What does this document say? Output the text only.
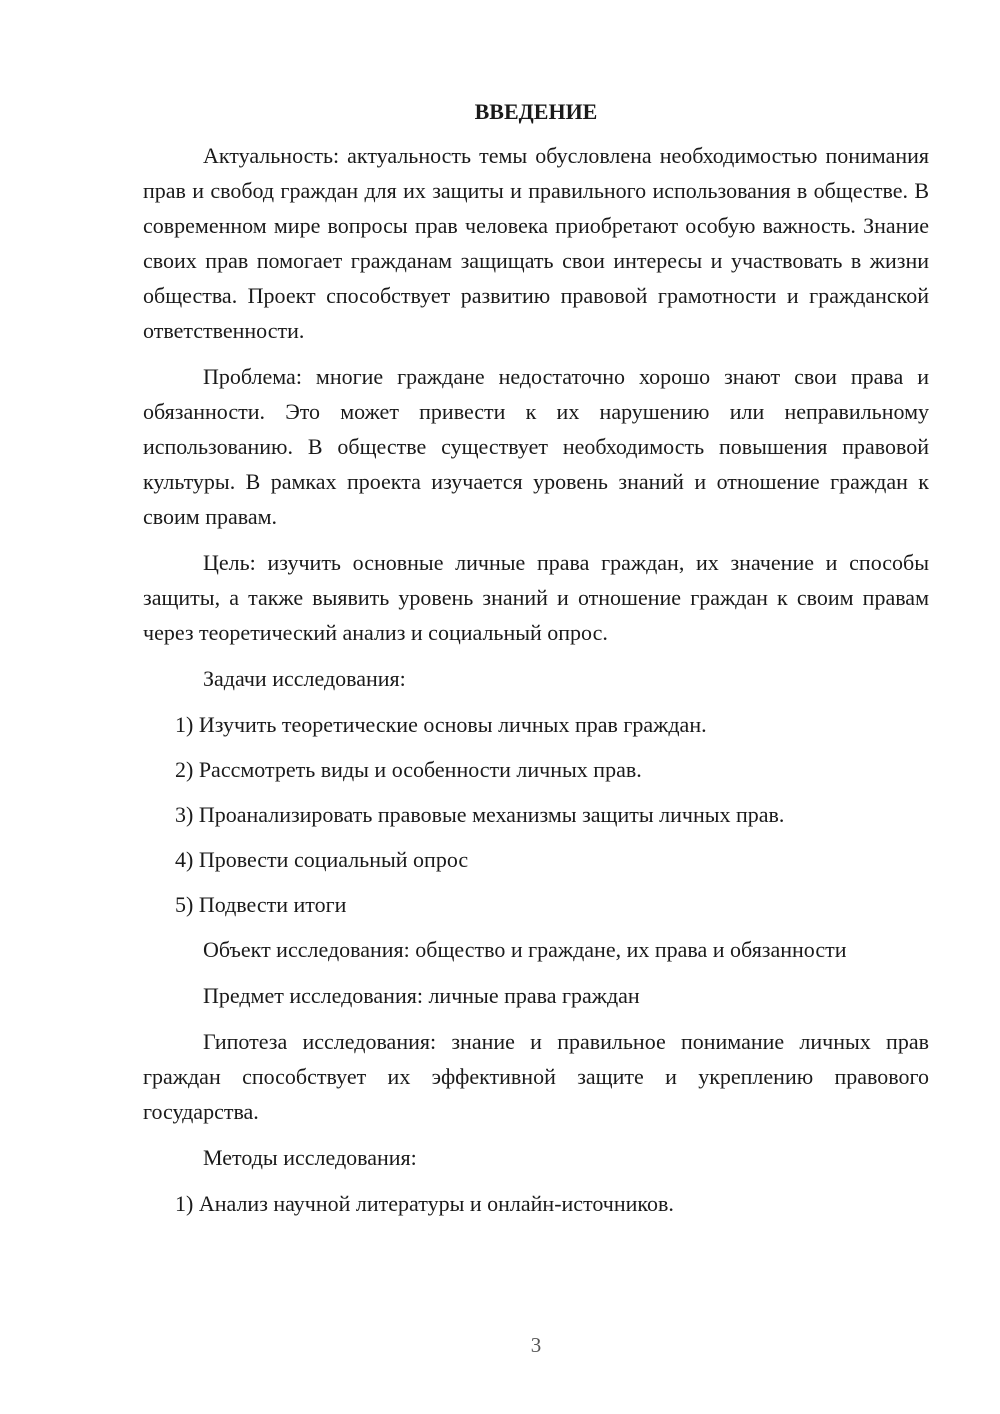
ВВЕДЕНИЕ

Актуальность: актуальность темы обусловлена необходимостью понимания прав и свобод граждан для их защиты и правильного использования в обществе. В современном мире вопросы прав человека приобретают особую важность. Знание своих прав помогает гражданам защищать свои интересы и участвовать в жизни общества. Проект способствует развитию правовой грамотности и гражданской ответственности.

Проблема: многие граждане недостаточно хорошо знают свои права и обязанности. Это может привести к их нарушению или неправильному использованию. В обществе существует необходимость повышения правовой культуры. В рамках проекта изучается уровень знаний и отношение граждан к своим правам.

Цель: изучить основные личные права граждан, их значение и способы защиты, а также выявить уровень знаний и отношение граждан к своим правам через теоретический анализ и социальный опрос.

Задачи исследования:

1) Изучить теоретические основы личных прав граждан.

2) Рассмотреть виды и особенности личных прав.

3) Проанализировать правовые механизмы защиты личных прав.

4) Провести социальный опрос

5) Подвести итоги

Объект исследования: общество и граждане, их права и обязанности

Предмет исследования: личные права граждан

Гипотеза исследования: знание и правильное понимание личных прав граждан способствует их эффективной защите и укреплению правового государства.

Методы исследования:

1) Анализ научной литературы и онлайн-источников.

3
